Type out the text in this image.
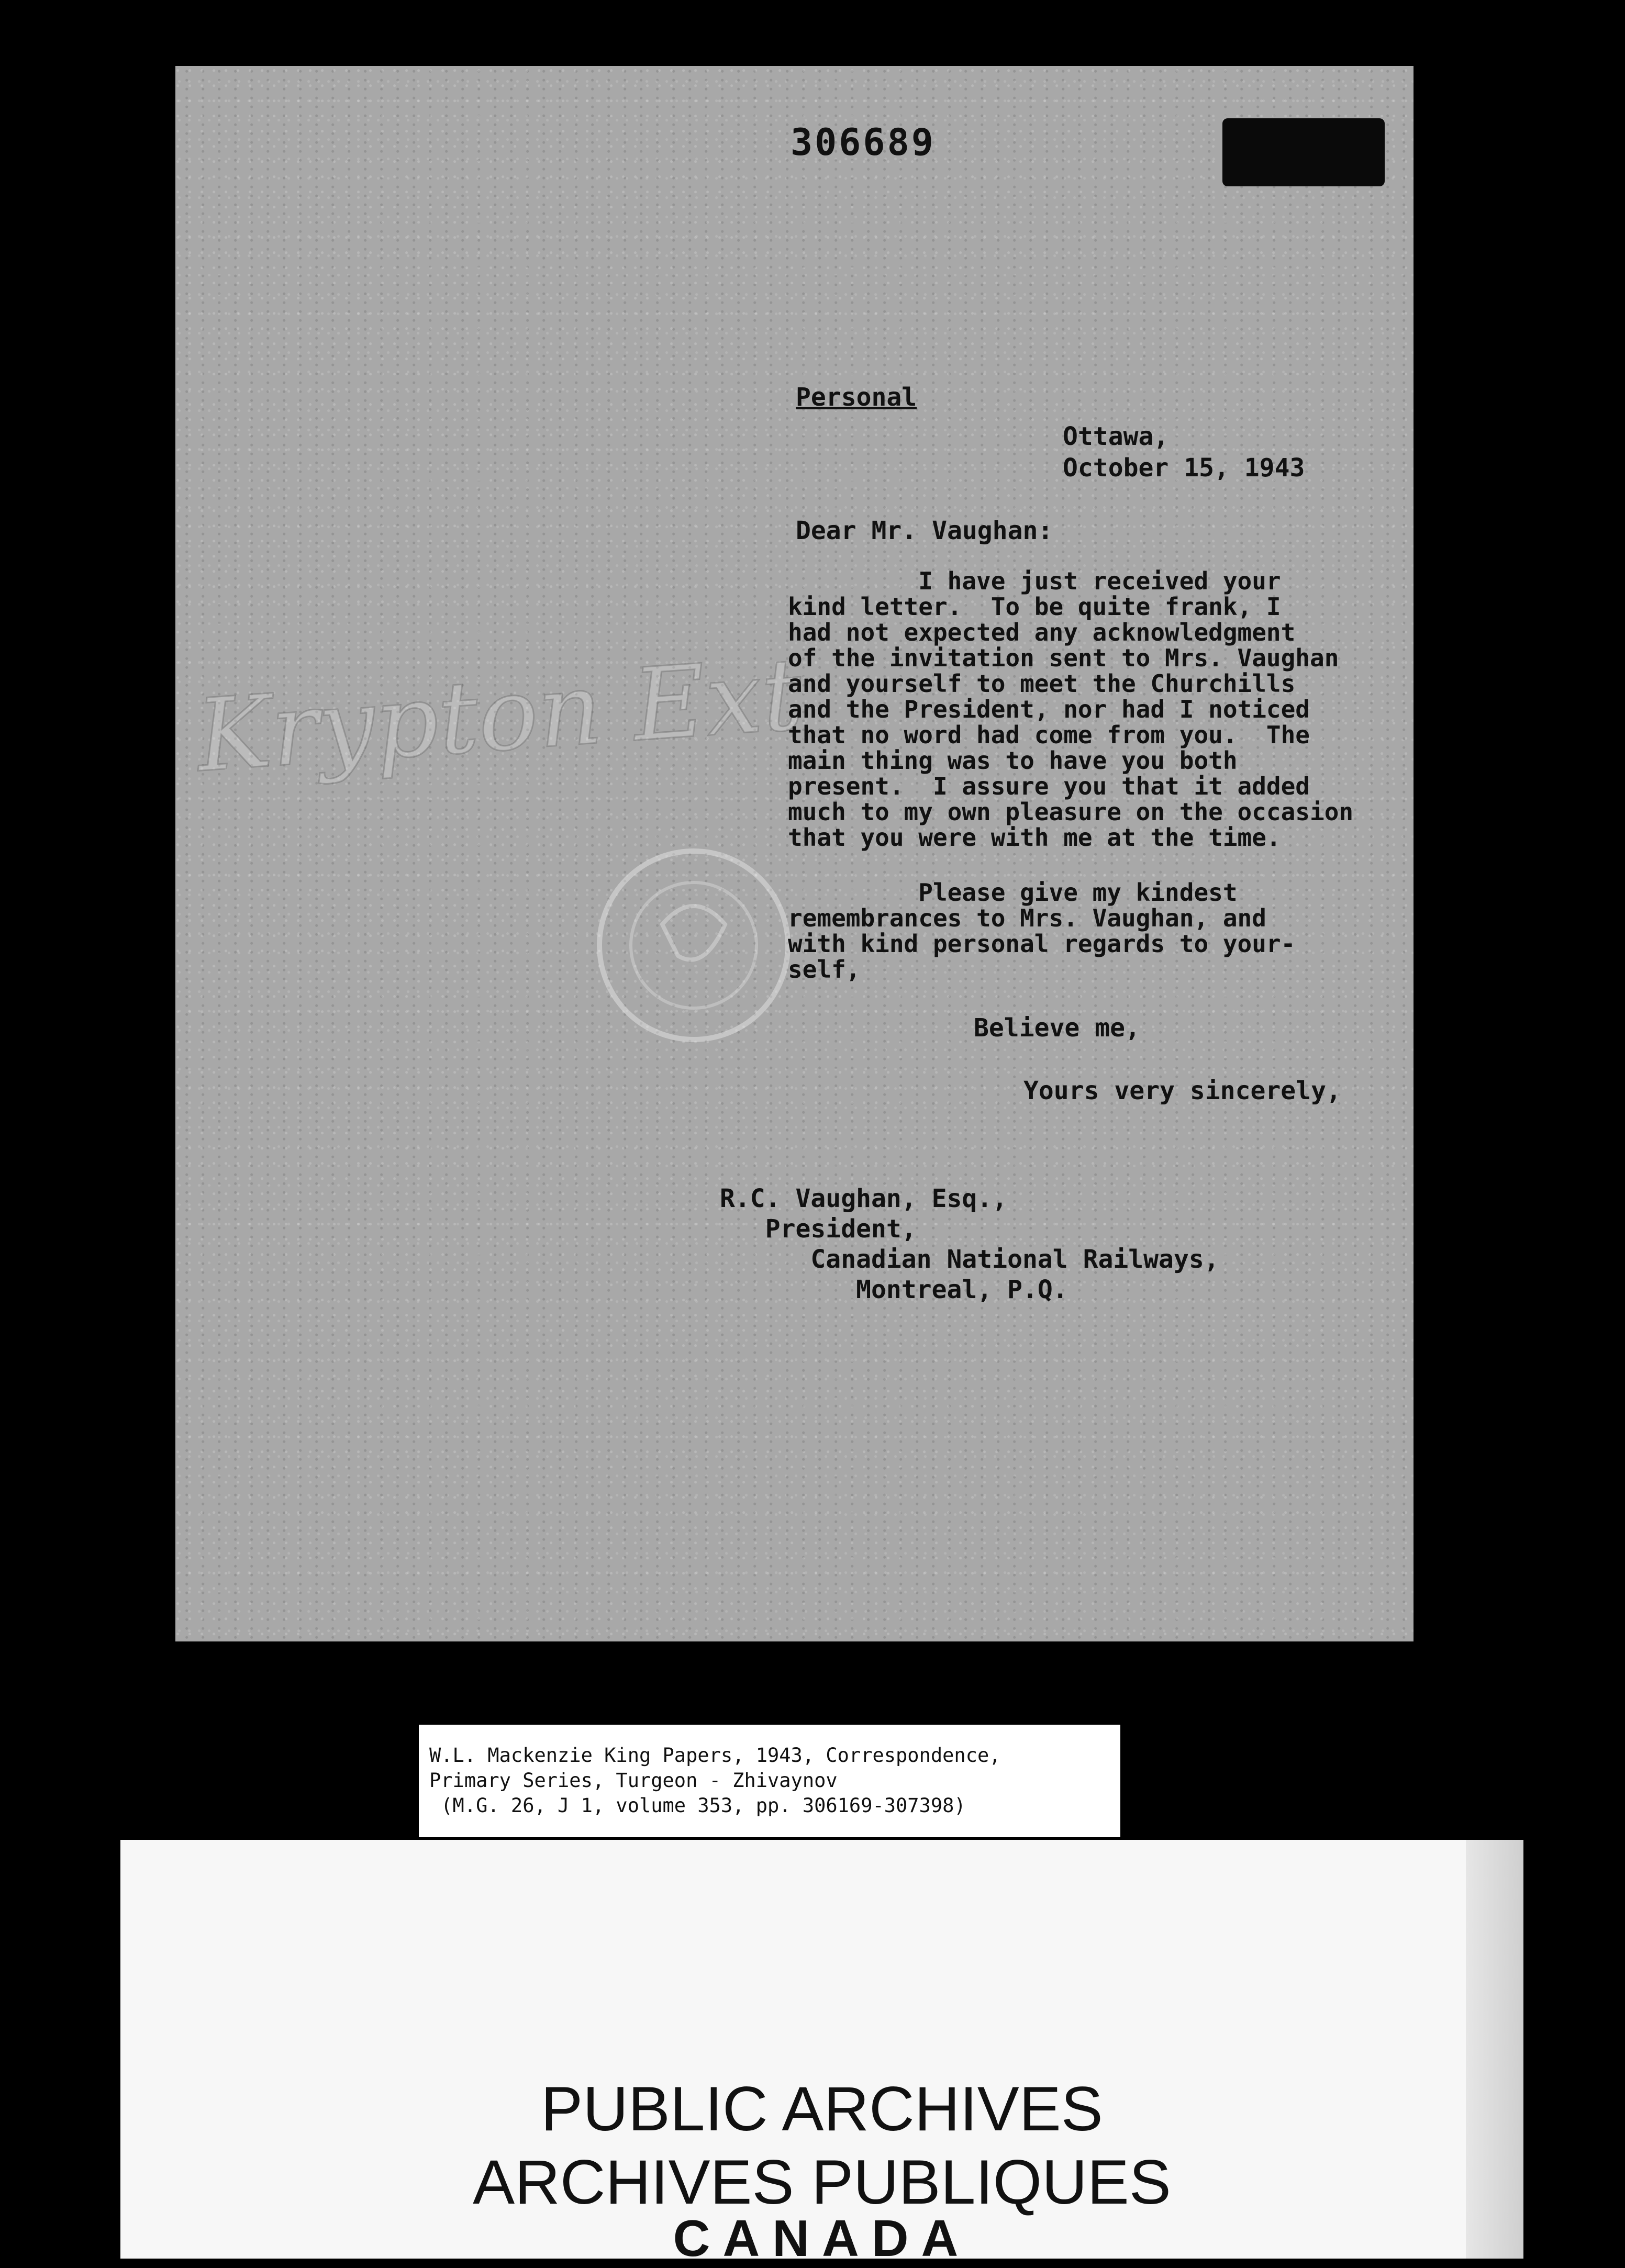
306689
Krypton Ext
Personal
Ottawa,
October 15, 1943
Dear Mr. Vaughan:
I have just received your
kind letter.  To be quite frank, I
had not expected any acknowledgment
of the invitation sent to Mrs. Vaughan
and yourself to meet the Churchills
and the President, nor had I noticed
that no word had come from you.  The
main thing was to have you both
present.  I assure you that it added
much to my own pleasure on the occasion
that you were with me at the time.
Please give my kindest
remembrances to Mrs. Vaughan, and
with kind personal regards to your-
self,
Believe me,
Yours very sincerely,
R.C. Vaughan, Esq.,
President,
Canadian National Railways,
Montreal, P.Q.
W.L. Mackenzie King Papers, 1943, Correspondence,
Primary Series, Turgeon - Zhivaynov
(M.G. 26, J 1, volume 353, pp. 306169-307398)
PUBLIC ARCHIVES
ARCHIVES PUBLIQUES
CANADA
